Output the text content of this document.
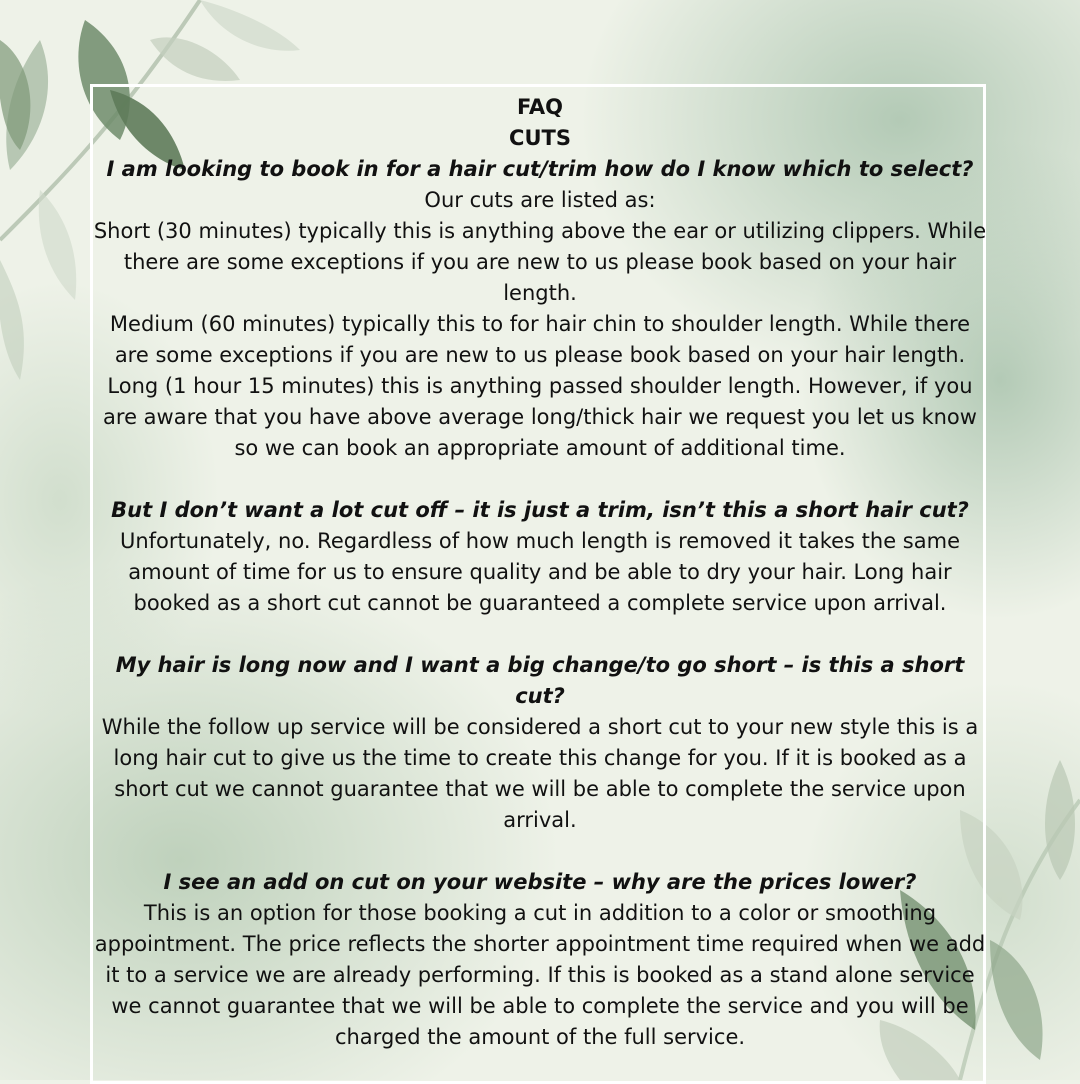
FAQ

CUTS

I am looking to book in for a hair cut/trim how do I know which to select?

Our cuts are listed as:

Short (30 minutes) typically this is anything above the ear or utilizing clippers. While there are some exceptions if you are new to us please book based on your hair length.

Medium (60 minutes) typically this to for hair chin to shoulder length. While there are some exceptions if you are new to us please book based on your hair length.

Long (1 hour 15 minutes) this is anything passed shoulder length. However, if you are aware that you have above average long/thick hair we request you let us know so we can book an appropriate amount of additional time.

But I don’t want a lot cut off – it is just a trim, isn’t this a short hair cut?

Unfortunately, no. Regardless of how much length is removed it takes the same amount of time for us to ensure quality and be able to dry your hair. Long hair booked as a short cut cannot be guaranteed a complete service upon arrival.

My hair is long now and I want a big change/to go short – is this a short cut?

While the follow up service will be considered a short cut to your new style this is a long hair cut to give us the time to create this change for you. If it is booked as a short cut we cannot guarantee that we will be able to complete the service upon arrival.

I see an add on cut on your website – why are the prices lower?

This is an option for those booking a cut in addition to a color or smoothing appointment. The price reflects the shorter appointment time required when we add it to a service we are already performing. If this is booked as a stand alone service we cannot guarantee that we will be able to complete the service and you will be charged the amount of the full service.
